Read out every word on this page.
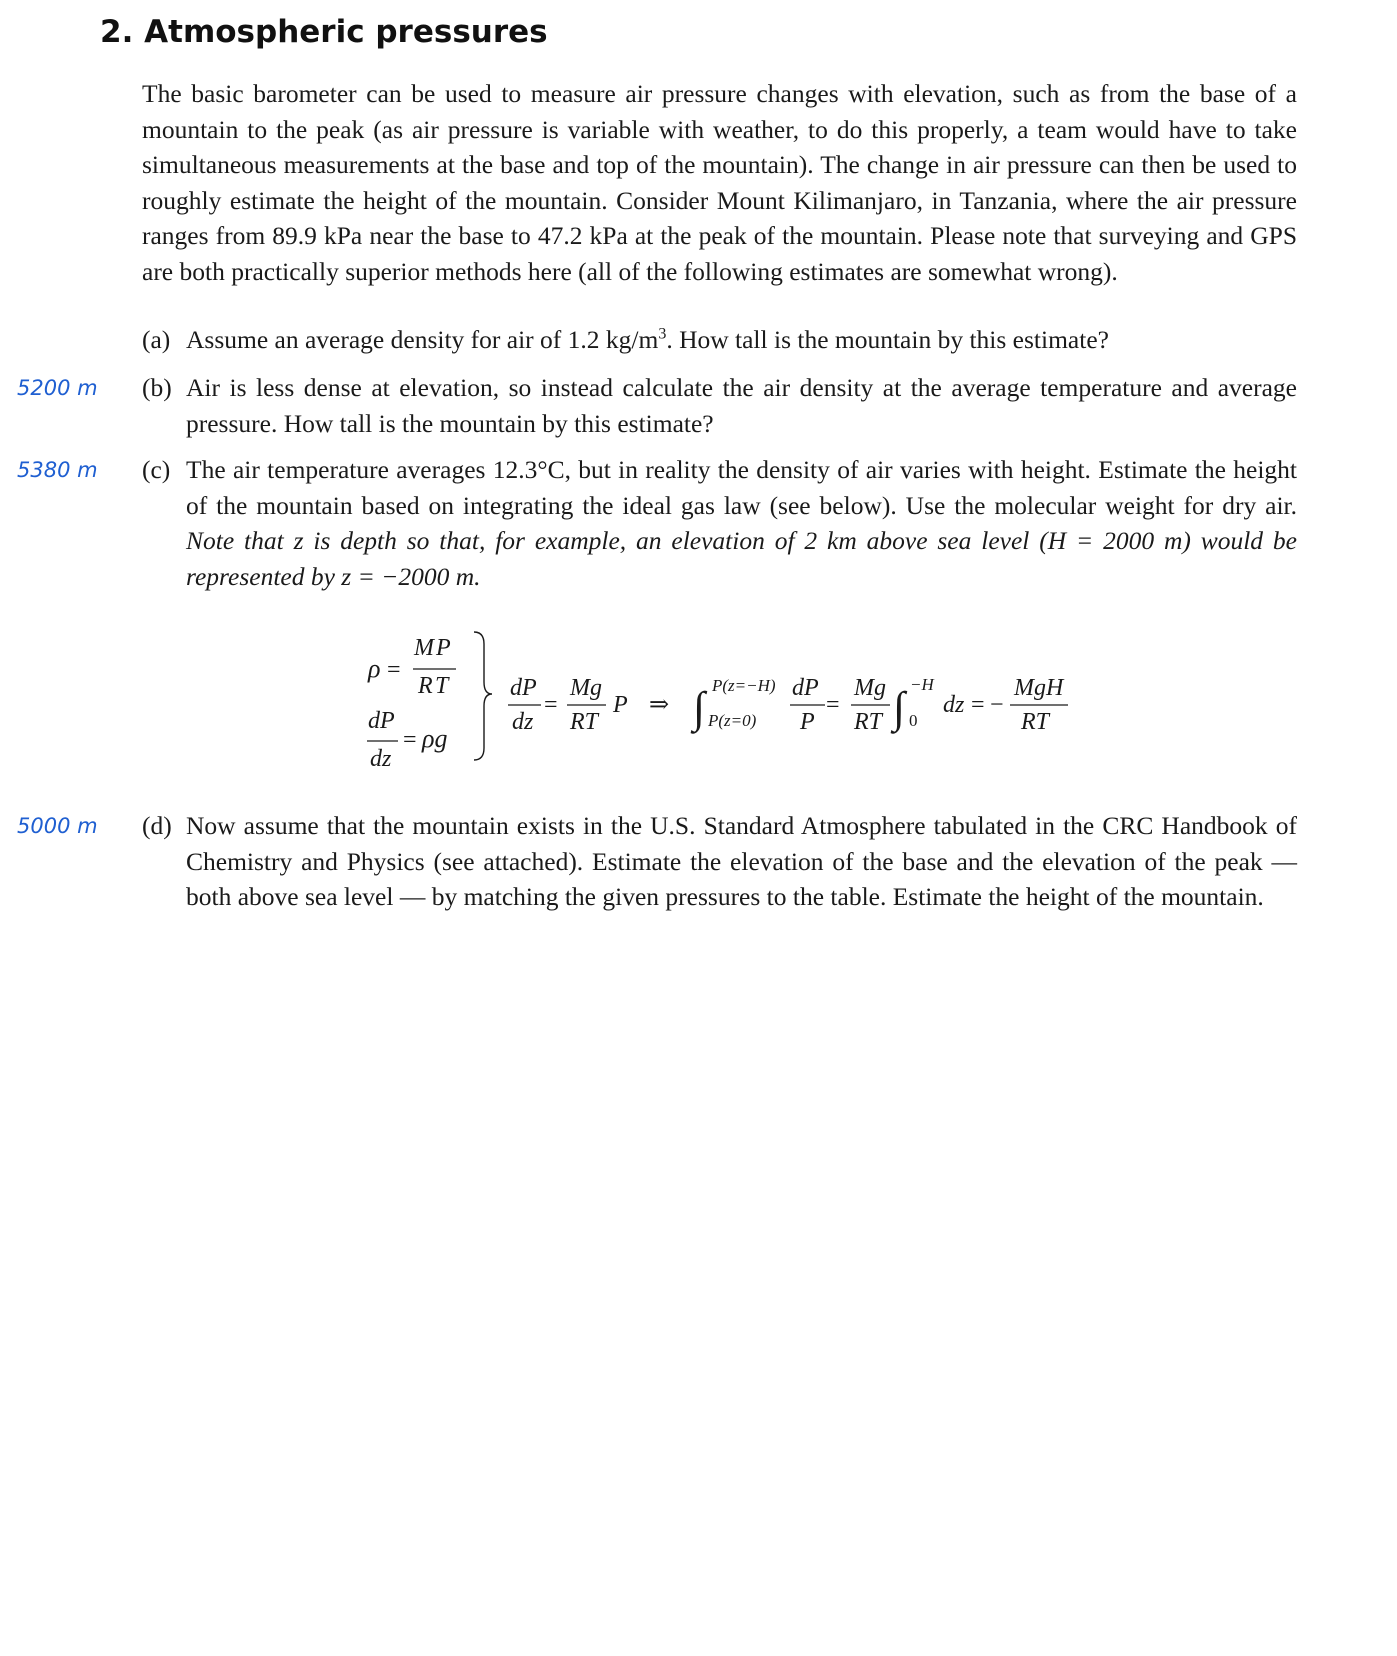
2. Atmospheric pressures

The basic barometer can be used to measure air pressure changes with elevation, such as from the base of a mountain to the peak (as air pressure is variable with weather, to do this properly, a team would have to take simultaneous measurements at the base and top of the mountain). The change in air pressure can then be used to roughly estimate the height of the mountain. Consider Mount Kilimanjaro, in Tanzania, where the air pressure ranges from 89.9 kPa near the base to 47.2 kPa at the peak of the mountain. Please note that surveying and GPS are both practically superior methods here (all of the following estimates are somewhat wrong).

(a) Assume an average density for air of 1.2 $kg/m^3$. How tall is the mountain by this estimate?

5200 m (b) Air is less dense at elevation, so instead calculate the air density at the average temperature and average pressure. How tall is the mountain by this estimate?

5380 m (c) The air temperature averages 12.3°C, but in reality the density of air varies with height. Estimate the height of the mountain based on integrating the ideal gas law (see below). Use the molecular weight for dry air. Note that z is depth so that, for example, an elevation of 2 km above sea level (H = 2000 m) would be represented by z = −2000 m.

ρ =
M P
R T
dP
dz
= ρg
dP
dz
=
Mg
RT
P ⇒ ∫ P(z=−H)
P(z=0)
dP
P
=
Mg
RT ∫ −H
0
dz = −
MgH
RT
5000 m (d) Now assume that the mountain exists in the U.S. Standard Atmosphere tabulated in the CRC Handbook of Chemistry and Physics (see attached). Estimate the elevation of the base and the elevation of the peak — both above sea level — by matching the given pressures to the table. Estimate the height of the mountain.
